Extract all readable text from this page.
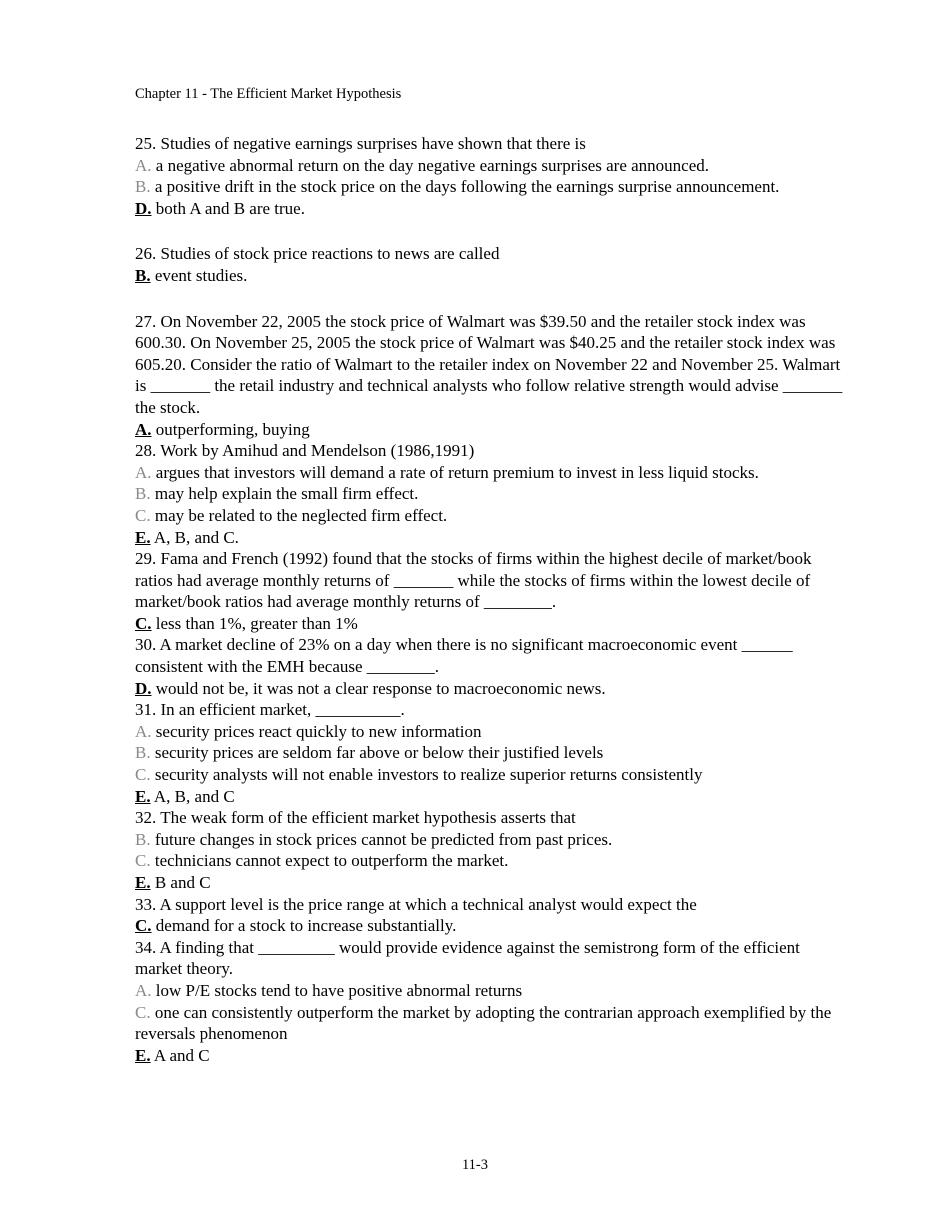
Chapter 11 - The Efficient Market Hypothesis

25. Studies of negative earnings surprises have shown that there is

A. a negative abnormal return on the day negative earnings surprises are announced.

B. a positive drift in the stock price on the days following the earnings surprise announcement.

D. both A and B are true.

26. Studies of stock price reactions to news are called

B. event studies.

27. On November 22, 2005 the stock price of Walmart was $39.50 and the retailer stock index was 600.30. On November 25, 2005 the stock price of Walmart was $40.25 and the retailer stock index was 605.20. Consider the ratio of Walmart to the retailer index on November 22 and November 25. Walmart is _______ the retail industry and technical analysts who follow relative strength would advise _______ the stock.

A. outperforming, buying

28. Work by Amihud and Mendelson (1986,1991)

A. argues that investors will demand a rate of return premium to invest in less liquid stocks.

B. may help explain the small firm effect.

C. may be related to the neglected firm effect.

E. A, B, and C.

29. Fama and French (1992) found that the stocks of firms within the highest decile of market/book ratios had average monthly returns of _______ while the stocks of firms within the lowest decile of market/book ratios had average monthly returns of ________.

C. less than 1%, greater than 1%

30. A market decline of 23% on a day when there is no significant macroeconomic event ______ consistent with the EMH because ________.

D. would not be, it was not a clear response to macroeconomic news.

31. In an efficient market, __________.

A. security prices react quickly to new information

B. security prices are seldom far above or below their justified levels

C. security analysts will not enable investors to realize superior returns consistently

E. A, B, and C

32. The weak form of the efficient market hypothesis asserts that

B. future changes in stock prices cannot be predicted from past prices.

C. technicians cannot expect to outperform the market.

E. B and C

33. A support level is the price range at which a technical analyst would expect the

C. demand for a stock to increase substantially.

34. A finding that _________ would provide evidence against the semistrong form of the efficient market theory.

A. low P/E stocks tend to have positive abnormal returns

C. one can consistently outperform the market by adopting the contrarian approach exemplified by the reversals phenomenon

E. A and C

11-3
